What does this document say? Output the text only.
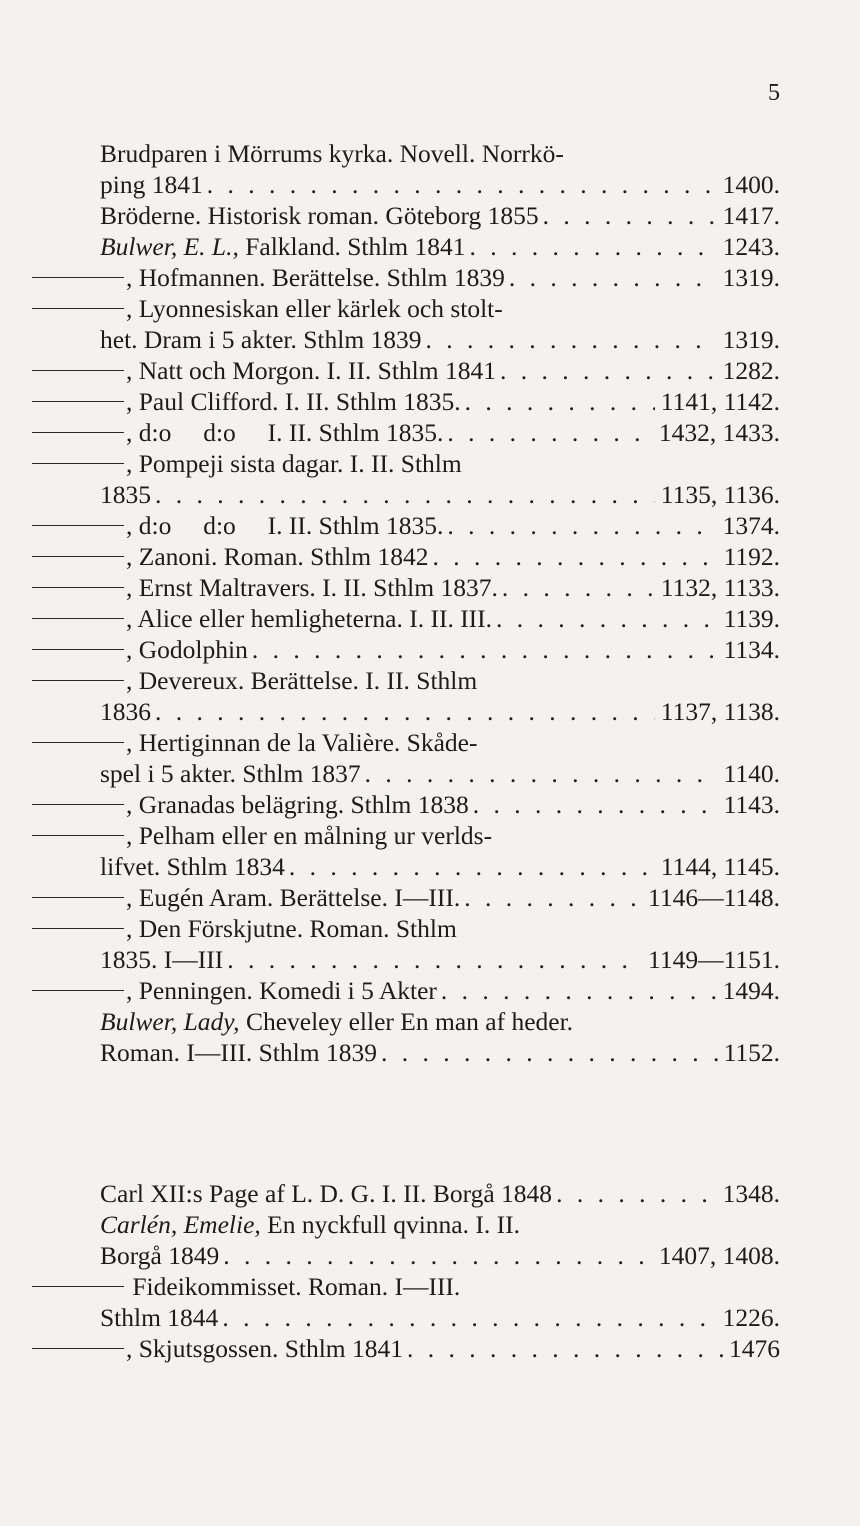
5
Brudparen i Mörrums kyrka. Novell. Norrkö-
ping 1841 . . .	1400.
Bröderne. Historisk roman. Göteborg 1855 . . .	1417.
Bulwer, E. L., Falkland. Sthlm 1841 . . .	1243.
, Hofmannen. Berättelse. Sthlm 1839 . . .	1319.
, Lyonnesiskan eller kärlek och stolt-
het. Dram i 5 akter. Sthlm 1839 . . .	1319.
, Natt och Morgon. I. II. Sthlm 1841 . . .	1282.
, Paul Clifford. I. II. Sthlm 1835. . . .	1141, 1142.
, d:o     d:o     I. II. Sthlm 1835. . . .	1432, 1433.
, Pompeji sista dagar. I. II. Sthlm
1835 . . .	1135, 1136.
, d:o     d:o     I. II. Sthlm 1835. . . .	1374.
, Zanoni. Roman. Sthlm 1842 . . .	1192.
, Ernst Maltravers. I. II. Sthlm 1837. . . .	1132, 1133.
, Alice eller hemligheterna. I. II. III. . . .	1139.
, Godolphin . . .	1134.
, Devereux. Berättelse. I. II. Sthlm
1836 . . .	1137, 1138.
, Hertiginnan de la Valière. Skåde-
spel i 5 akter. Sthlm 1837 . . .	1140.
, Granadas belägring. Sthlm 1838 . . .	1143.
, Pelham eller en målning ur verlds-
lifvet. Sthlm 1834 . . .	1144, 1145.
, Eugén Aram. Berättelse. I—III. . . .	1146—1148.
, Den Förskjutne. Roman. Sthlm
1835. I—III . . .	1149—1151.
, Penningen. Komedi i 5 Akter . . .	1494.
Bulwer, Lady, Cheveley eller En man af heder.
Roman. I—III. Sthlm 1839 . . .	1152.
Carl XII:s Page af L. D. G. I. II. Borgå 1848 . . .	1348.
Carlén, Emelie, En nyckfull qvinna. I. II.
Borgå 1849 . . .	1407, 1408.
Fideikommisset. Roman. I—III.
Sthlm 1844 . . .	1226.
, Skjutsgossen. Sthlm 1841 . . .	1476
